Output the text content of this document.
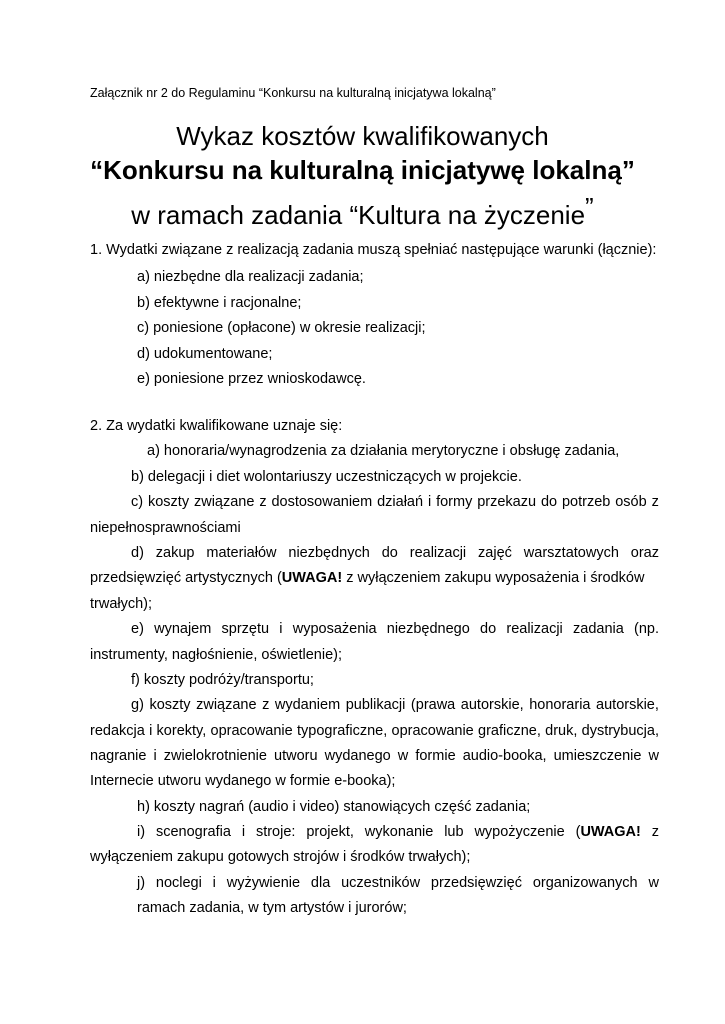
Załącznik nr 2 do Regulaminu “Konkursu na kulturalną inicjatywa lokalną”
Wykaz kosztów kwalifikowanych
“Konkursu na kulturalną inicjatywę lokalną”
w ramach zadania “Kultura na życzenie”
1. Wydatki związane z realizacją zadania muszą spełniać następujące warunki (łącznie):
a) niezbędne dla realizacji zadania;
b) efektywne i racjonalne;
c) poniesione (opłacone) w okresie realizacji;
d) udokumentowane;
e) poniesione przez wnioskodawcę.
2. Za wydatki kwalifikowane uznaje się:
a) honoraria/wynagrodzenia za działania merytoryczne i obsługę zadania,
b) delegacji i diet wolontariuszy uczestniczących w projekcie.
c) koszty związane z dostosowaniem działań i formy przekazu do potrzeb osób z
niepełnosprawnościami
d) zakup materiałów niezbędnych do realizacji zajęć warsztatowych oraz
przedsięwzięć artystycznych (UWAGA! z wyłączeniem zakupu wyposażenia i środków
trwałych);
e) wynajem sprzętu i wyposażenia niezbędnego do realizacji zadania (np.
instrumenty, nagłośnienie, oświetlenie);
f) koszty podróży/transportu;
g) koszty związane z wydaniem publikacji (prawa autorskie, honoraria autorskie,
redakcja i korekty, opracowanie typograficzne, opracowanie graficzne, druk, dystrybucja,
nagranie i zwielokrotnienie utworu wydanego w formie audio-booka, umieszczenie w
Internecie utworu wydanego w formie e-booka);
h) koszty nagrań (audio i video) stanowiących część zadania;
i) scenografia i stroje: projekt, wykonanie lub wypożyczenie (UWAGA! z
wyłączeniem zakupu gotowych strojów i środków trwałych);
j) noclegi i wyżywienie dla uczestników przedsięwzięć organizowanych w
ramach zadania, w tym artystów i jurorów;
